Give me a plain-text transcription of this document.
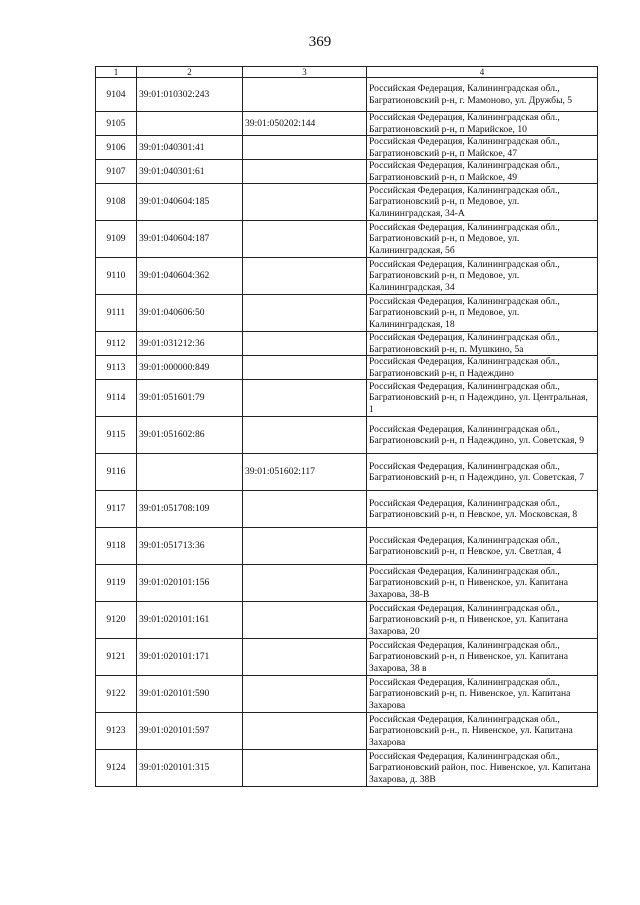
369
1	2	3	4
9104	39:01:010302:243		Российская Федерация, Калининградская обл., Багратионовский р-н, г. Мамоново, ул. Дружбы, 5
9105		39:01:050202:144	Российская Федерация, Калининградская обл., Багратионовский р-н, п Марийское, 10
9106	39:01:040301:41		Российская Федерация, Калининградская обл., Багратионовский р-н, п Майское, 47
9107	39:01:040301:61		Российская Федерация, Калининградская обл., Багратионовский р-н, п Майское, 49
9108	39:01:040604:185		Российская Федерация, Калининградская обл., Багратионовский р-н, п Медовое, ул. Калининградская, 34-А
9109	39:01:040604:187		Российская Федерация, Калининградская обл., Багратионовский р-н, п Медовое, ул. Калининградская, 5б
9110	39:01:040604:362		Российская Федерация, Калининградская обл., Багратионовский р-н, п Медовое, ул. Калининградская, 34
9111	39:01:040606:50		Российская Федерация, Калининградская обл., Багратионовский р-н, п Медовое, ул. Калининградская, 18
9112	39:01:031212:36		Российская Федерация, Калининградская обл., Багратионовский р-н, п. Мушкино, 5а
9113	39:01:000000:849		Российская Федерация, Калининградская обл., Багратионовский р-н, п Надеждино
9114	39:01:051601:79		Российская Федерация, Калининградская обл., Багратионовский р-н, п Надеждино, ул. Центральная, 1
9115	39:01:051602:86		Российская Федерация, Калининградская обл., Багратионовский р-н, п Надеждино, ул. Советская, 9
9116		39:01:051602:117	Российская Федерация, Калининградская обл., Багратионовский р-н, п Надеждино, ул. Советская, 7
9117	39:01:051708:109		Российская Федерация, Калининградская обл., Багратионовский р-н, п Невское, ул. Московская, 8
9118	39:01:051713:36		Российская Федерация, Калининградская обл., Багратионовский р-н, п Невское, ул. Светлая, 4
9119	39:01:020101:156		Российская Федерация, Калининградская обл., Багратионовский р-н, п Нивенское, ул. Капитана Захарова, 38-В
9120	39:01:020101:161		Российская Федерация, Калининградская обл., Багратионовский р-н, п Нивенское, ул. Капитана Захарова, 20
9121	39:01:020101:171		Российская Федерация, Калининградская обл., Багратионовский р-н, п Нивенское, ул. Капитана Захарова, 38 в
9122	39:01:020101:590		Российская Федерация, Калининградская обл., Багратионовский р-н, п. Нивенское, ул. Капитана Захарова
9123	39:01:020101:597		Российская Федерация, Калининградская обл., Багратионовский р-н., п. Нивенское, ул. Капитана Захарова
9124	39:01:020101:315		Российская Федерация, Калининградская обл., Багратионовский район, пос. Нивенское, ул. Капитана Захарова, д. 38В
